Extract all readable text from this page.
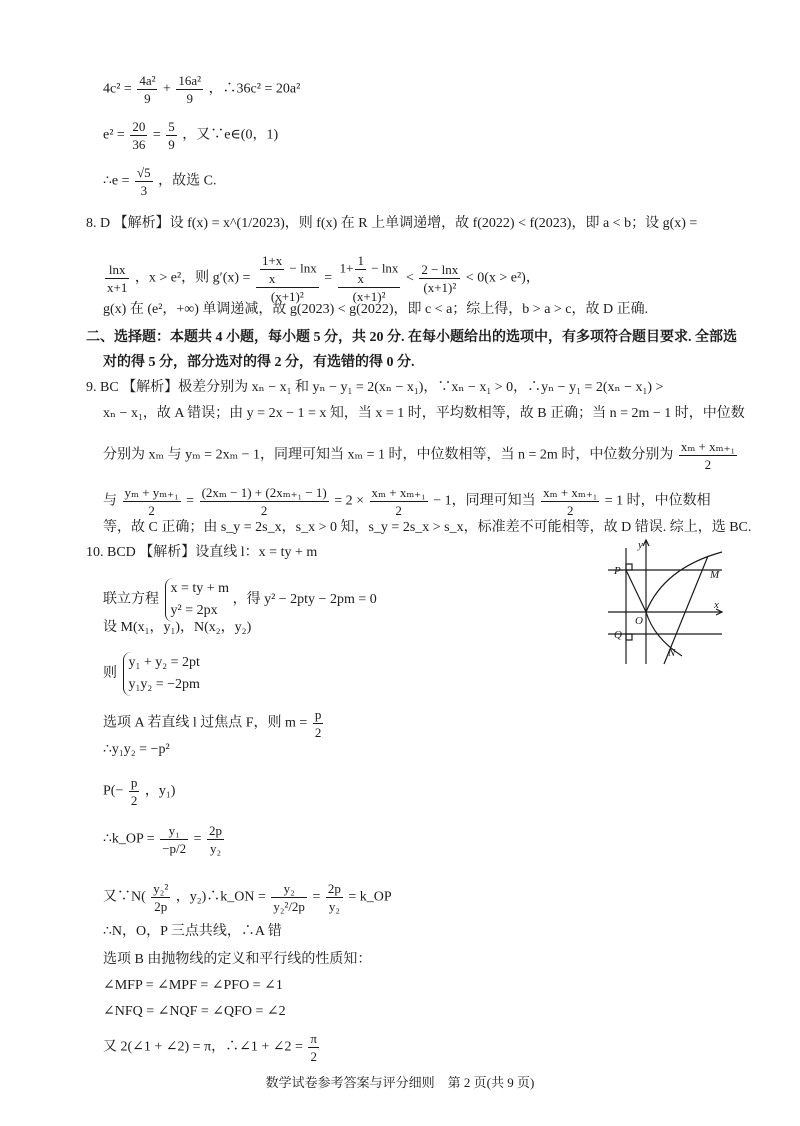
$4c^2 = \frac{\text{4a²}}{9} + \frac{\text{16a²}}{9}$ ，∴36c² = 20a²
$e^2 = \frac{20}{36} = \frac{5}{9}$ ，又∵e∈(0，1)
∴e = $\frac{√5}{3}$ ，故选 C.
8. D 【解析】设 f(x) = x^(1/2023)，则 f(x) 在 R 上单调递增，故 f(2022) < f(2023)，即 a < b；设 g(x) =
$\frac{\ln x}{x+1}$ ，x > e²，则 $g'(x) = \frac{\frac{1+x}{x} - \ln x}{\text{(x+1)²}} = \frac{1+ \frac{1}{x} - \ln x}{\text{(x+1)²}} < \frac{2 - \ln x}{\text{(x+1)²}} < 0(x > e^2)$，
g(x) 在 (e²，+∞) 单调递减，故 g(2023) < g(2022)，即 c < a；综上得，b > a > c，故 D 正确.
二、选择题：本题共 4 小题，每小题 5 分，共 20 分. 在每小题给出的选项中，有多项符合题目要求. 全部选
对的得 5 分，部分选对的得 2 分，有选错的得 0 分.
9. BC 【解析】极差分别为 xₙ − x₁ 和 yₙ − y₁ = 2(xₙ − x₁)，∵xₙ − x₁ > 0，∴yₙ − y₁ = 2(xₙ − x₁) >
xₙ − x₁，故 A 错误；由 y = 2x − 1 = x 知，当 x = 1 时，平均数相等，故 B 正确；当 n = 2m − 1 时，中位数
分别为 xₘ 与 yₘ = 2xₘ − 1，同理可知当 xₘ = 1 时，中位数相等，当 n = 2m 时，中位数分别为 $\frac{\text{xₘ + xₘ₊₁}}{2}$
与 $\frac{\text{yₘ + yₘ₊₁}}{2} = \frac{\text{(2xₘ − 1) + (2xₘ₊₁ − 1)}}{2} = 2 \times \frac{\text{xₘ + xₘ₊₁}}{2} - 1$，同理可知当 $\frac{\text{xₘ + xₘ₊₁}}{2} = 1$ 时，中位数相
等，故 C 正确；由 s_y = 2s_x，s_x > 0 知，s_y = 2s_x > s_x，标准差不可能相等，故 D 错误. 综上，选 BC.
10. BCD 【解析】设直线 l：x = ty + m
联立方程
x = ty + m
y² = 2px
，得 y² − 2pty − 2pm = 0
设 M(x₁，y₁)，N(x₂，y₂)
则
y₁ + y₂ = 2pt
y₁y₂ = −2pm
选项 A 若直线 l 过焦点 F，则 $m = \frac{p}{2}$
∴y₁y₂ = −p²
$P(- \frac{p}{2}$ ，y₁)
∴k_OP = $\frac{\text{y₁}}{-p/2} = \frac{2p}{\text{y₂}}$
又∵N( $\frac{\text{y₂²}}{2p}$ ，y₂)∴k_ON = $\frac{\text{y₂}}{\text{y₂²/2p}} = \frac{2p}{\text{y₂}}$ = k_OP
∴N，O，P 三点共线，∴A 错
选项 B 由抛物线的定义和平行线的性质知：
∠MFP = ∠MPF = ∠PFO = ∠1
∠NFQ = ∠NQF = ∠QFO = ∠2
又 2(∠1 + ∠2) = π，∴∠1 + ∠2 = $\frac{\pi}{2}$
y
P	M
O
x
Q
N
数学试卷参考答案与评分细则　第 2 页(共 9 页)
